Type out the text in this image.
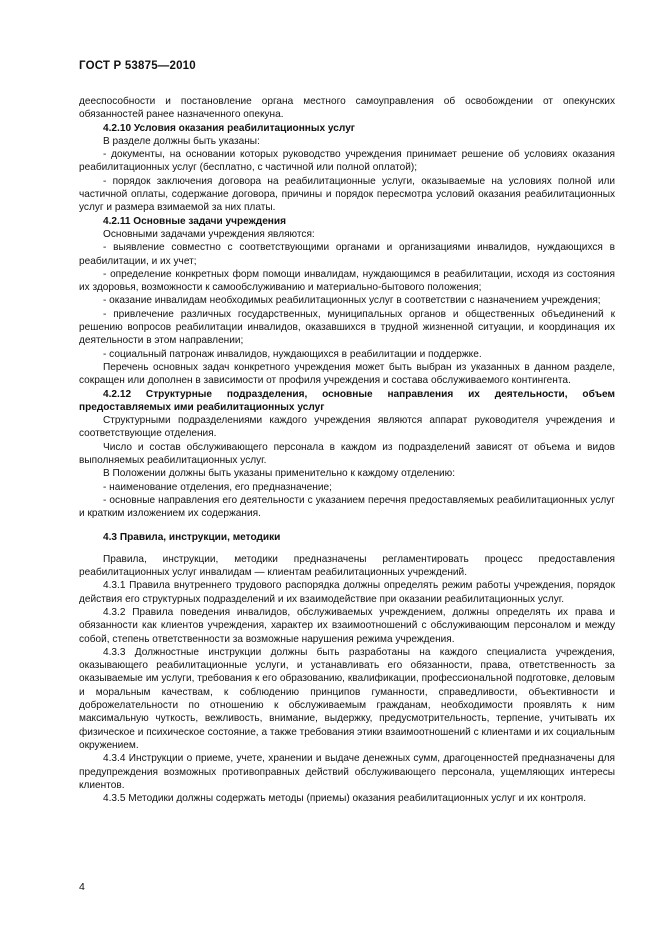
ГОСТ Р 53875—2010

дееспособности и постановление органа местного самоуправления об освобождении от опекунских обязанностей ранее назначенного опекуна.

4.2.10 Условия оказания реабилитационных услуг

В разделе должны быть указаны:

- документы, на основании которых руководство учреждения принимает решение об условиях оказания реабилитационных услуг (бесплатно, с частичной или полной оплатой);

- порядок заключения договора на реабилитационные услуги, оказываемые на условиях полной или частичной оплаты, содержание договора, причины и порядок пересмотра условий оказания реабилитационных услуг и размера взимаемой за них платы.

4.2.11 Основные задачи учреждения

Основными задачами учреждения являются:

- выявление совместно с соответствующими органами и организациями инвалидов, нуждающихся в реабилитации, и их учет;

- определение конкретных форм помощи инвалидам, нуждающимся в реабилитации, исходя из состояния их здоровья, возможности к самообслуживанию и материально-бытового положения;

- оказание инвалидам необходимых реабилитационных услуг в соответствии с назначением учреждения;

- привлечение различных государственных, муниципальных органов и общественных объединений к решению вопросов реабилитации инвалидов, оказавшихся в трудной жизненной ситуации, и координация их деятельности в этом направлении;

- социальный патронаж инвалидов, нуждающихся в реабилитации и поддержке.

Перечень основных задач конкретного учреждения может быть выбран из указанных в данном разделе, сокращен или дополнен в зависимости от профиля учреждения и состава обслуживаемого контингента.

4.2.12 Структурные подразделения, основные направления их деятельности, объем предоставляемых ими реабилитационных услуг

Структурными подразделениями каждого учреждения являются аппарат руководителя учреждения и соответствующие отделения.

Число и состав обслуживающего персонала в каждом из подразделений зависят от объема и видов выполняемых реабилитационных услуг.

В Положении должны быть указаны применительно к каждому отделению:

- наименование отделения, его предназначение;

- основные направления его деятельности с указанием перечня предоставляемых реабилитационных услуг и кратким изложением их содержания.

4.3 Правила, инструкции, методики

Правила, инструкции, методики предназначены регламентировать процесс предоставления реабилитационных услуг инвалидам — клиентам реабилитационных учреждений.

4.3.1 Правила внутреннего трудового распорядка должны определять режим работы учреждения, порядок действия его структурных подразделений и их взаимодействие при оказании реабилитационных услуг.

4.3.2 Правила поведения инвалидов, обслуживаемых учреждением, должны определять их права и обязанности как клиентов учреждения, характер их взаимоотношений с обслуживающим персоналом и между собой, степень ответственности за возможные нарушения режима учреждения.

4.3.3 Должностные инструкции должны быть разработаны на каждого специалиста учреждения, оказывающего реабилитационные услуги, и устанавливать его обязанности, права, ответственность за оказываемые им услуги, требования к его образованию, квалификации, профессиональной подготовке, деловым и моральным качествам, к соблюдению принципов гуманности, справедливости, объективности и доброжелательности по отношению к обслуживаемым гражданам, необходимости проявлять к ним максимальную чуткость, вежливость, внимание, выдержку, предусмотрительность, терпение, учитывать их физическое и психическое состояние, а также требования этики взаимоотношений с клиентами и их социальным окружением.

4.3.4 Инструкции о приеме, учете, хранении и выдаче денежных сумм, драгоценностей предназначены для предупреждения возможных противоправных действий обслуживающего персонала, ущемляющих интересы клиентов.

4.3.5 Методики должны содержать методы (приемы) оказания реабилитационных услуг и их контроля.

4
